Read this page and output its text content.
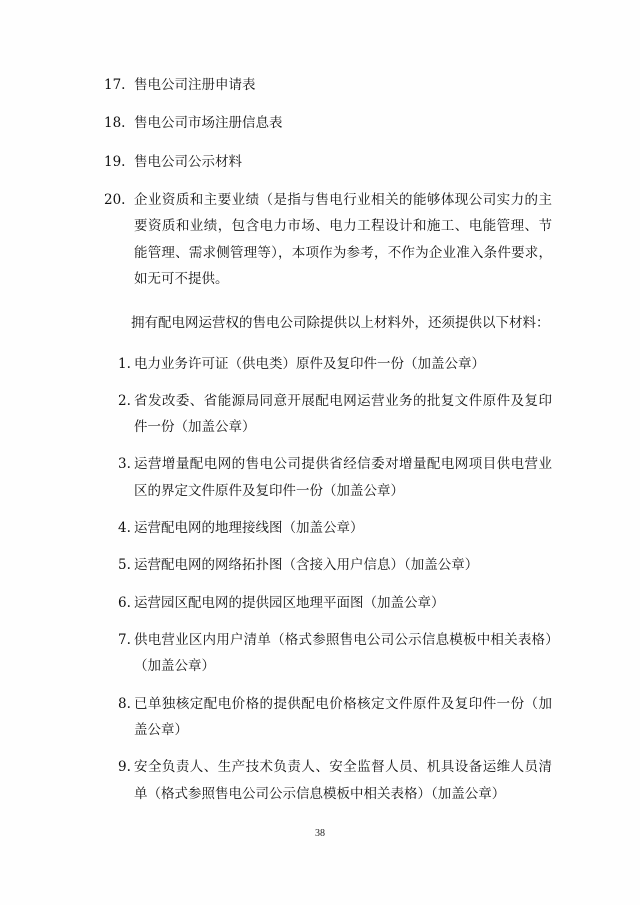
17. 售电公司注册申请表
18. 售电公司市场注册信息表
19. 售电公司公示材料
20. 企业资质和主要业绩（是指与售电行业相关的能够体现公司实力的主要资质和业绩，包含电力市场、电力工程设计和施工、电能管理、节能管理、需求侧管理等），本项作为参考，不作为企业准入条件要求，如无可不提供。

拥有配电网运营权的售电公司除提供以上材料外，还须提供以下材料：

1. 电力业务许可证（供电类）原件及复印件一份（加盖公章）
2. 省发改委、省能源局同意开展配电网运营业务的批复文件原件及复印件一份（加盖公章）
3. 运营增量配电网的售电公司提供省经信委对增量配电网项目供电营业区的界定文件原件及复印件一份（加盖公章）
4. 运营配电网的地理接线图（加盖公章）
5. 运营配电网的网络拓扑图（含接入用户信息）（加盖公章）
6. 运营园区配电网的提供园区地理平面图（加盖公章）
7. 供电营业区内用户清单（格式参照售电公司公示信息模板中相关表格）（加盖公章）
8. 已单独核定配电价格的提供配电价格核定文件原件及复印件一份（加盖公章）
9. 安全负责人、生产技术负责人、安全监督人员、机具设备运维人员清单（格式参照售电公司公示信息模板中相关表格）（加盖公章）
38
